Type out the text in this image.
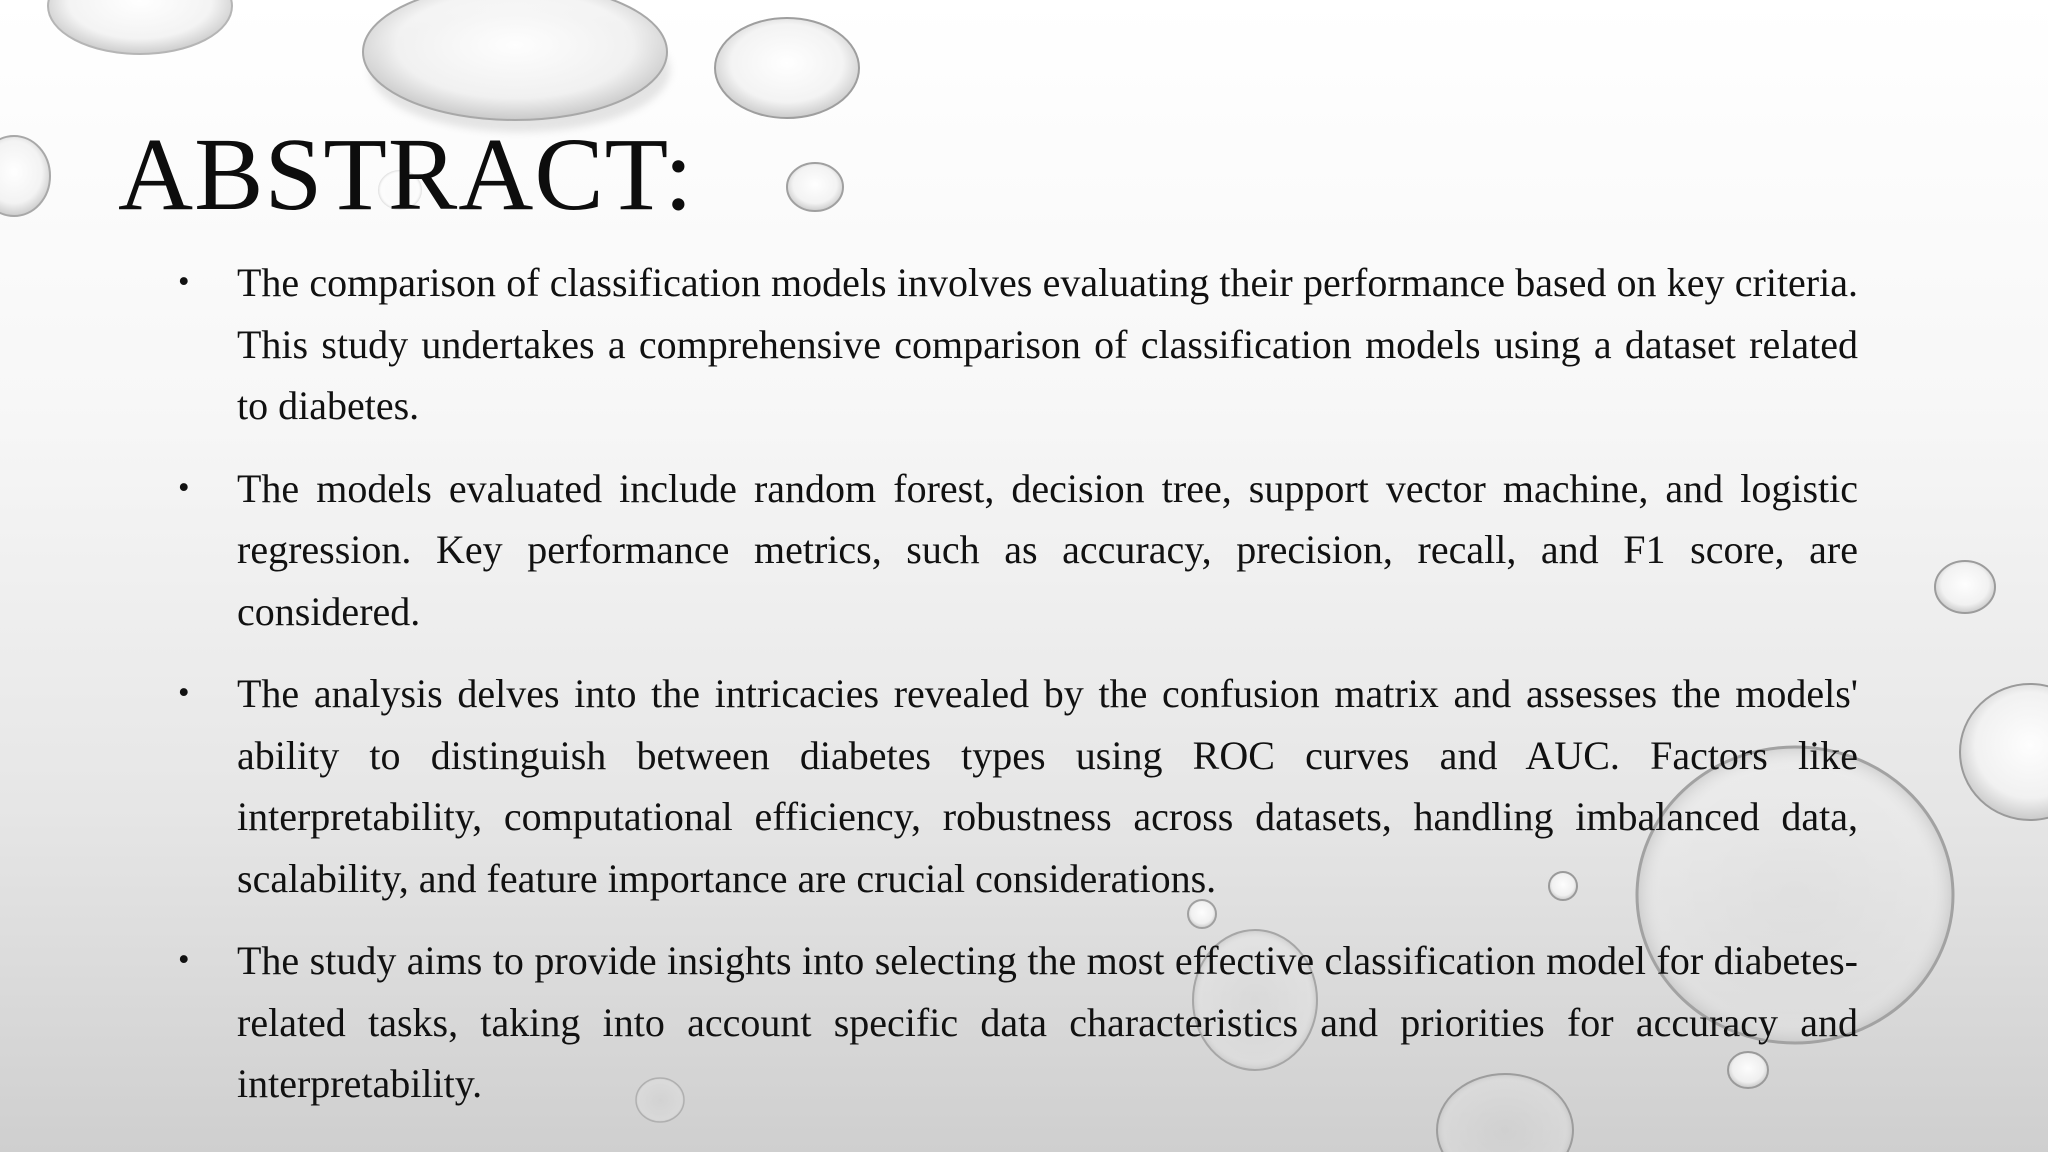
ABSTRACT:
• The comparison of classification models involves evaluating their performance based on key criteria. This study undertakes a comprehensive comparison of classification models using a dataset related to diabetes.
• The models evaluated include random forest, decision tree, support vector machine, and logistic regression. Key performance metrics, such as accuracy, precision, recall, and F1 score, are considered.
• The analysis delves into the intricacies revealed by the confusion matrix and assesses the models' ability to distinguish between diabetes types using ROC curves and AUC. Factors like interpretability, computational efficiency, robustness across datasets, handling imbalanced data, scalability, and feature importance are crucial considerations.
• The study aims to provide insights into selecting the most effective classification model for diabetes-related tasks, taking into account specific data characteristics and priorities for accuracy and interpretability.
